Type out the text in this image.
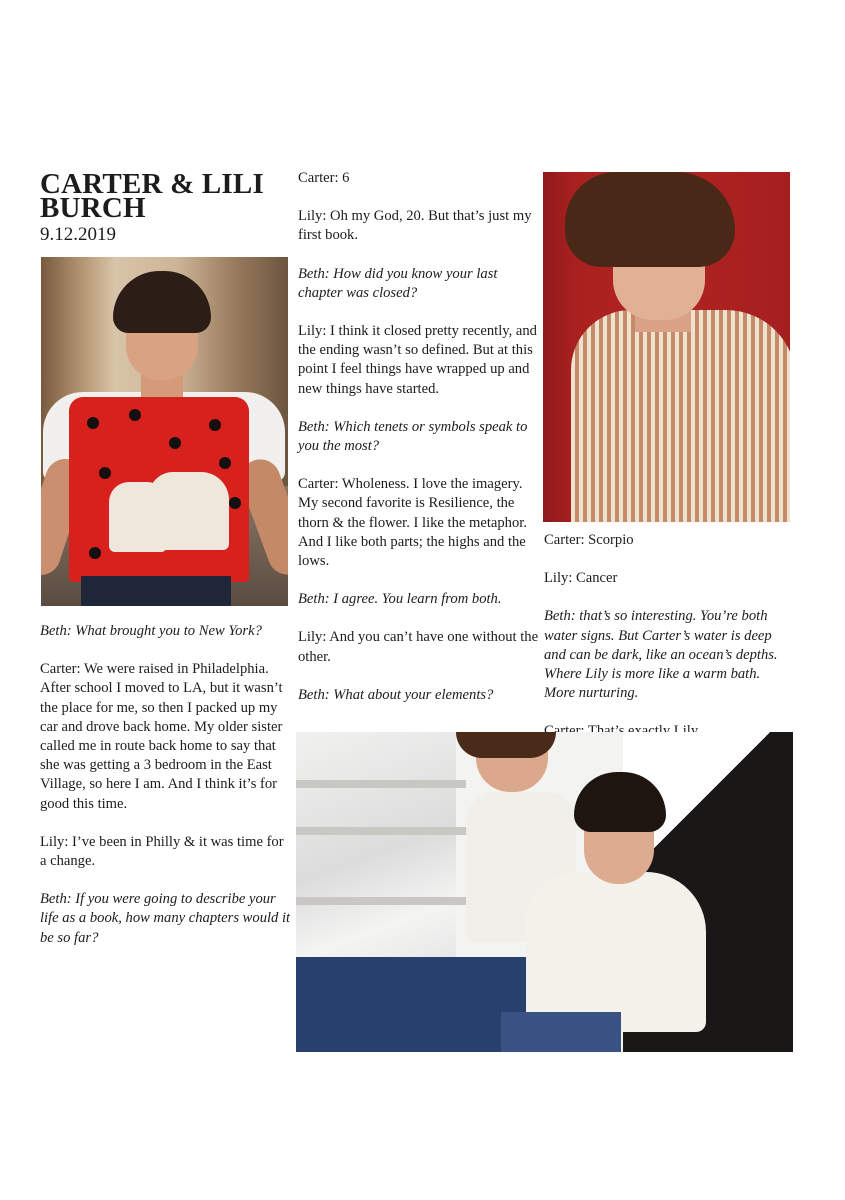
CARTER & LILI BURCH
9.12.2019

Carter: 6

Lily: Oh my God, 20. But that’s just my first book.

Beth: How did you know your last chapter was closed?

Lily: I think it closed pretty recently, and the ending wasn’t so defined. But at this point I feel things have wrapped up and new things have started.

Beth: Which tenets or symbols speak to you the most?

Carter: Wholeness. I love the imagery. My second favorite is Resilience, the thorn & the flower. I like the metaphor. And I like both parts; the highs and the lows.

Beth: I agree. You learn from both.

Lily: And you can’t have one without the other.

Beth: What about your elements?

Carter: Scorpio

Lily: Cancer

Beth: that’s so interesting. You’re both water signs. But Carter’s water is deep and can be dark, like an ocean’s depths. Where Lily is more like a warm bath. More nurturing.

Beth: What brought you to New York?

Carter: We were raised in Philadelphia. After school I moved to LA, but it wasn’t the place for me, so then I packed up my car and drove back home. My older sister called me in route back home to say that she was getting a 3 bedroom in the East Village, so here I am. And I think it’s for good this time.

Lily: I’ve been in Philly & it was time for a change.

Beth: If you were going to describe your life as a book, how many chapters would it be so far?
